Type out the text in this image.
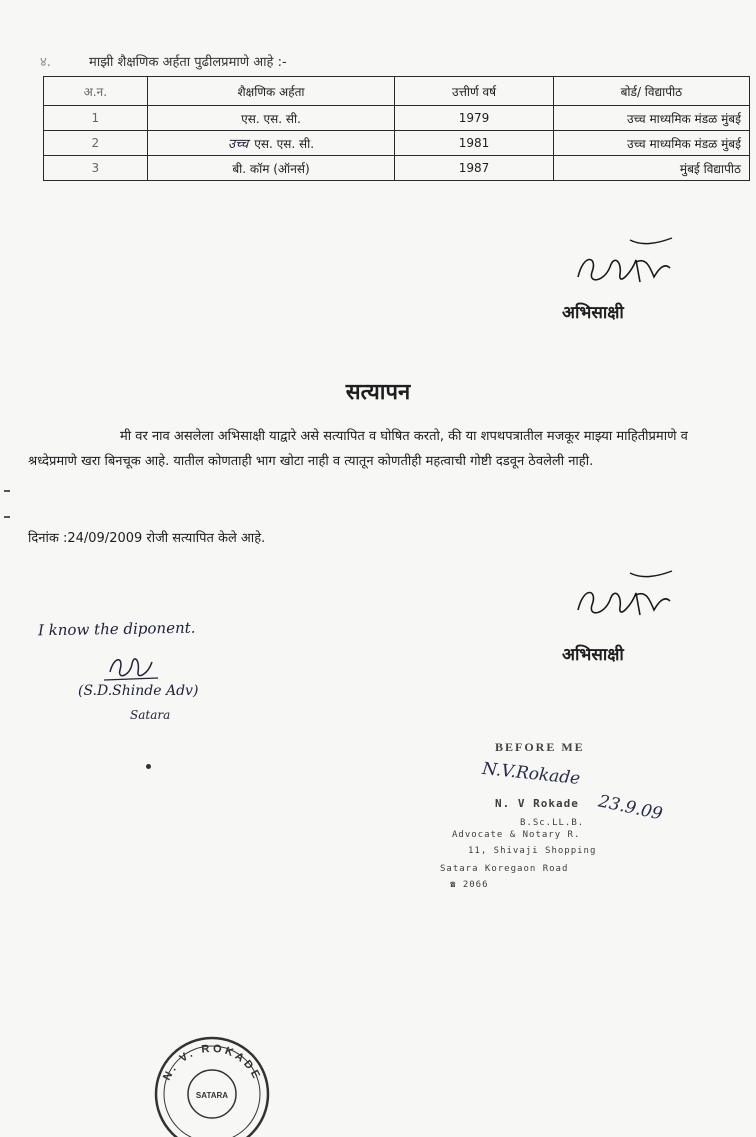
४.	माझी शैक्षणिक अर्हता पुढीलप्रमाणे आहे :-
अ.न.	शैक्षणिक अर्हता	उत्तीर्ण वर्ष	बोर्ड/ विद्यापीठ
1	एस. एस. सी.	1979	उच्च माध्यमिक मंडळ मुंबई
2	उच्च एस. एस. सी.	1981	उच्च माध्यमिक मंडळ मुंबई
3	बी. कॉम (ऑनर्स)	1987	मुंबई विद्यापीठ
अभिसाक्षी
सत्यापन
मी वर नाव असलेला अभिसाक्षी याद्वारे असे सत्यापित व घोषित करतो, की या शपथपत्रातील मजकूर माझ्या माहितीप्रमाणे व श्रध्देप्रमाणे खरा बिनचूक आहे. यातील कोणताही भाग खोटा नाही व त्यातून कोणतीही महत्वाची गोष्टी दडवून ठेवलेली नाही.
दिनांक :24/09/2009 रोजी सत्यापित केले आहे.
अभिसाक्षी
I know the diponent.
(S.D.Shinde Adv)
Satara
BEFORE ME
N.V.Rokade
23.9.09
N. V Rokade
B.Sc.LL.B.
Advocate & Notary R.
11, Shivaji Shopping
Satara Koregaon Road
☎ 2066
N. V. ROKADE
SATARA
